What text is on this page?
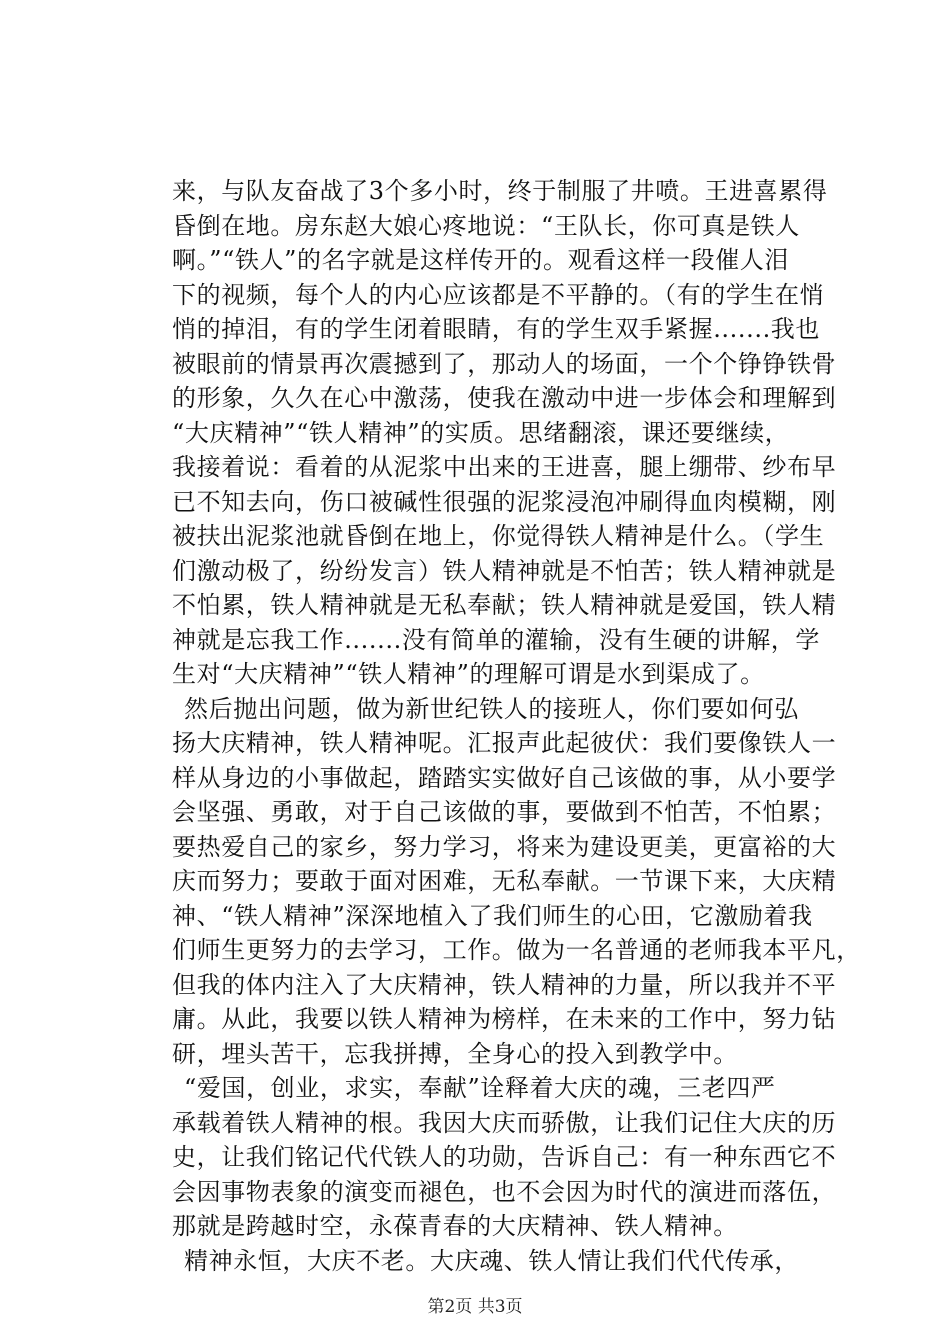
来，与队友奋战了3个多小时，终于制服了井喷。王进喜累得
昏倒在地。房东赵大娘心疼地说：“王队长，你可真是铁人
啊。”“铁人”的名字就是这样传开的。观看这样一段催人泪
下的视频，每个人的内心应该都是不平静的。（有的学生在悄
悄的掉泪，有的学生闭着眼睛，有的学生双手紧握.......我也
被眼前的情景再次震撼到了，那动人的场面，一个个铮铮铁骨
的形象，久久在心中激荡，使我在激动中进一步体会和理解到
“大庆精神”“铁人精神”的实质。思绪翻滚，课还要继续，
我接着说：看着的从泥浆中出来的王进喜，腿上绷带、纱布早
已不知去向，伤口被碱性很强的泥浆浸泡冲刷得血肉模糊，刚
被扶出泥浆池就昏倒在地上，你觉得铁人精神是什么。（学生
们激动极了，纷纷发言）铁人精神就是不怕苦；铁人精神就是
不怕累，铁人精神就是无私奉献；铁人精神就是爱国，铁人精
神就是忘我工作.......没有简单的灌输，没有生硬的讲解，学
生对“大庆精神”“铁人精神”的理解可谓是水到渠成了。
然后抛出问题，做为新世纪铁人的接班人，你们要如何弘
扬大庆精神，铁人精神呢。汇报声此起彼伏：我们要像铁人一
样从身边的小事做起，踏踏实实做好自己该做的事，从小要学
会坚强、勇敢，对于自己该做的事，要做到不怕苦，不怕累；
要热爱自己的家乡，努力学习，将来为建设更美，更富裕的大
庆而努力；要敢于面对困难，无私奉献。一节课下来，大庆精
神、“铁人精神”深深地植入了我们师生的心田，它激励着我
们师生更努力的去学习，工作。做为一名普通的老师我本平凡，
但我的体内注入了大庆精神，铁人精神的力量，所以我并不平
庸。从此，我要以铁人精神为榜样，在未来的工作中，努力钻
研，埋头苦干，忘我拼搏，全身心的投入到教学中。
“爱国，创业，求实，奉献”诠释着大庆的魂，三老四严
承载着铁人精神的根。我因大庆而骄傲，让我们记住大庆的历
史，让我们铭记代代铁人的功勋，告诉自己：有一种东西它不
会因事物表象的演变而褪色，也不会因为时代的演进而落伍，
那就是跨越时空，永葆青春的大庆精神、铁人精神。
精神永恒，大庆不老。大庆魂、铁人情让我们代代传承，
第2页 共3页
